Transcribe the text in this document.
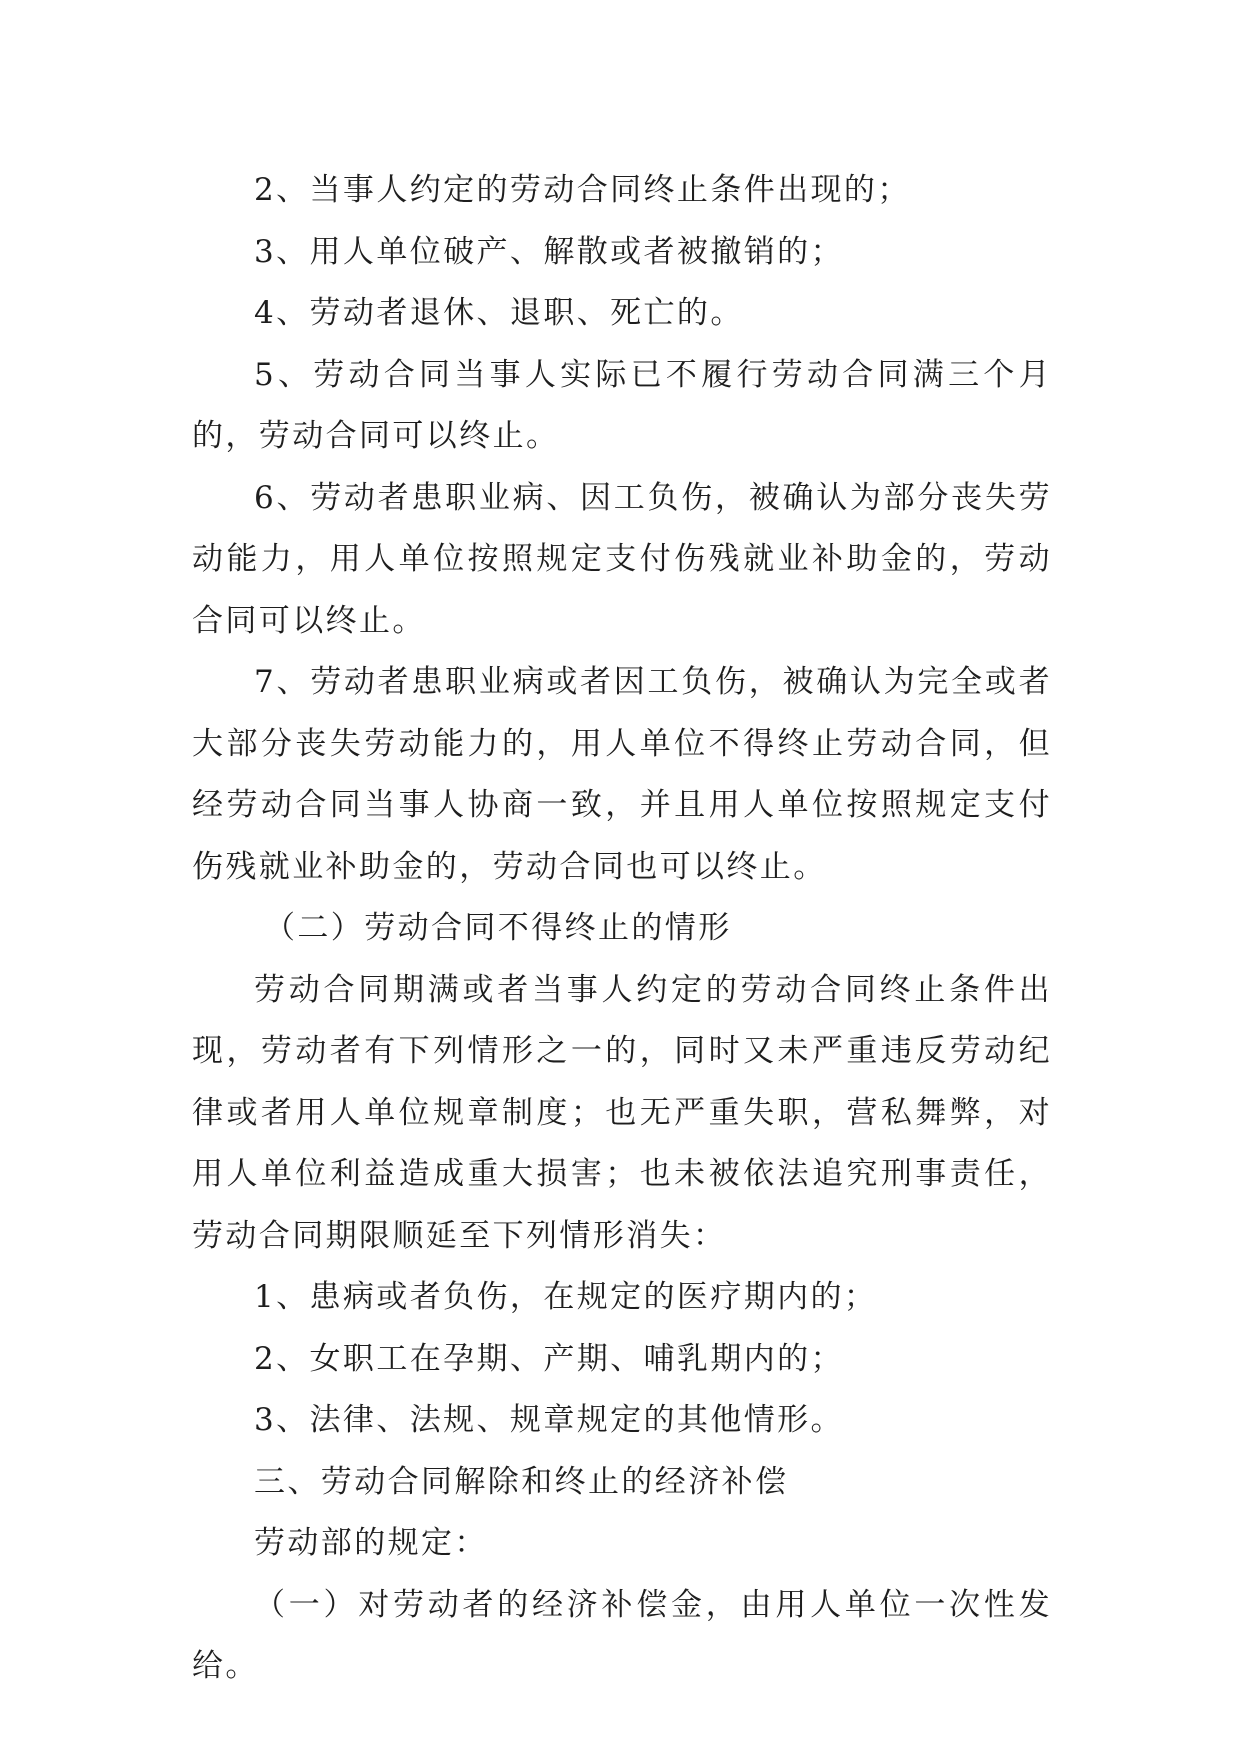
2、当事人约定的劳动合同终止条件出现的；

3、用人单位破产、解散或者被撤销的；

4、劳动者退休、退职、死亡的。

5、劳动合同当事人实际已不履行劳动合同满三个月的，劳动合同可以终止。

6、劳动者患职业病、因工负伤，被确认为部分丧失劳动能力，用人单位按照规定支付伤残就业补助金的，劳动合同可以终止。

7、劳动者患职业病或者因工负伤，被确认为完全或者大部分丧失劳动能力的，用人单位不得终止劳动合同，但经劳动合同当事人协商一致，并且用人单位按照规定支付伤残就业补助金的，劳动合同也可以终止。

（二）劳动合同不得终止的情形

劳动合同期满或者当事人约定的劳动合同终止条件出现，劳动者有下列情形之一的，同时又未严重违反劳动纪律或者用人单位规章制度；也无严重失职，营私舞弊，对用人单位利益造成重大损害；也未被依法追究刑事责任，劳动合同期限顺延至下列情形消失：

1、患病或者负伤，在规定的医疗期内的；

2、女职工在孕期、产期、哺乳期内的；

3、法律、法规、规章规定的其他情形。

三、劳动合同解除和终止的经济补偿

劳动部的规定：

（一）对劳动者的经济补偿金，由用人单位一次性发给。
